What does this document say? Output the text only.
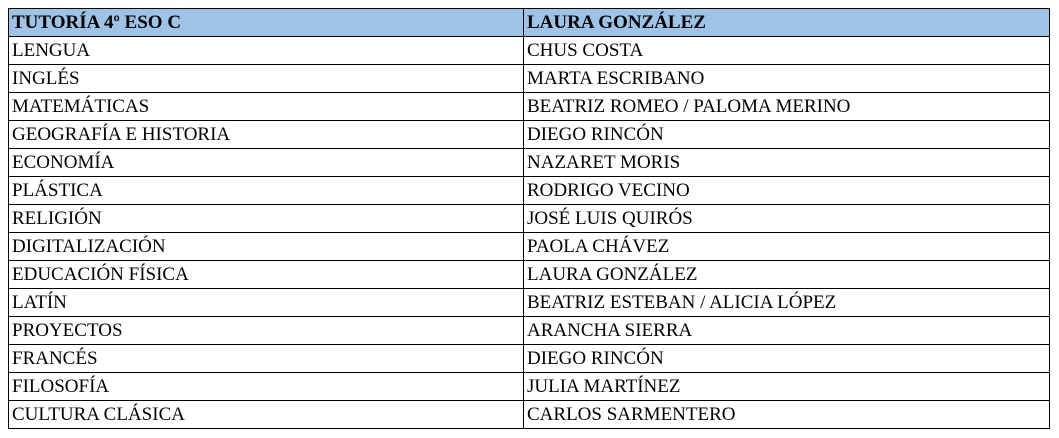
TUTORÍA 4º ESO C	LAURA GONZÁLEZ
LENGUA	CHUS COSTA
INGLÉS	MARTA ESCRIBANO
MATEMÁTICAS	BEATRIZ ROMEO / PALOMA MERINO
GEOGRAFÍA E HISTORIA	DIEGO RINCÓN
ECONOMÍA	NAZARET MORIS
PLÁSTICA	RODRIGO VECINO
RELIGIÓN	JOSÉ LUIS QUIRÓS
DIGITALIZACIÓN	PAOLA CHÁVEZ
EDUCACIÓN FÍSICA	LAURA GONZÁLEZ
LATÍN	BEATRIZ ESTEBAN / ALICIA LÓPEZ
PROYECTOS	ARANCHA SIERRA
FRANCÉS	DIEGO RINCÓN
FILOSOFÍA	JULIA MARTÍNEZ
CULTURA CLÁSICA	CARLOS SARMENTERO
